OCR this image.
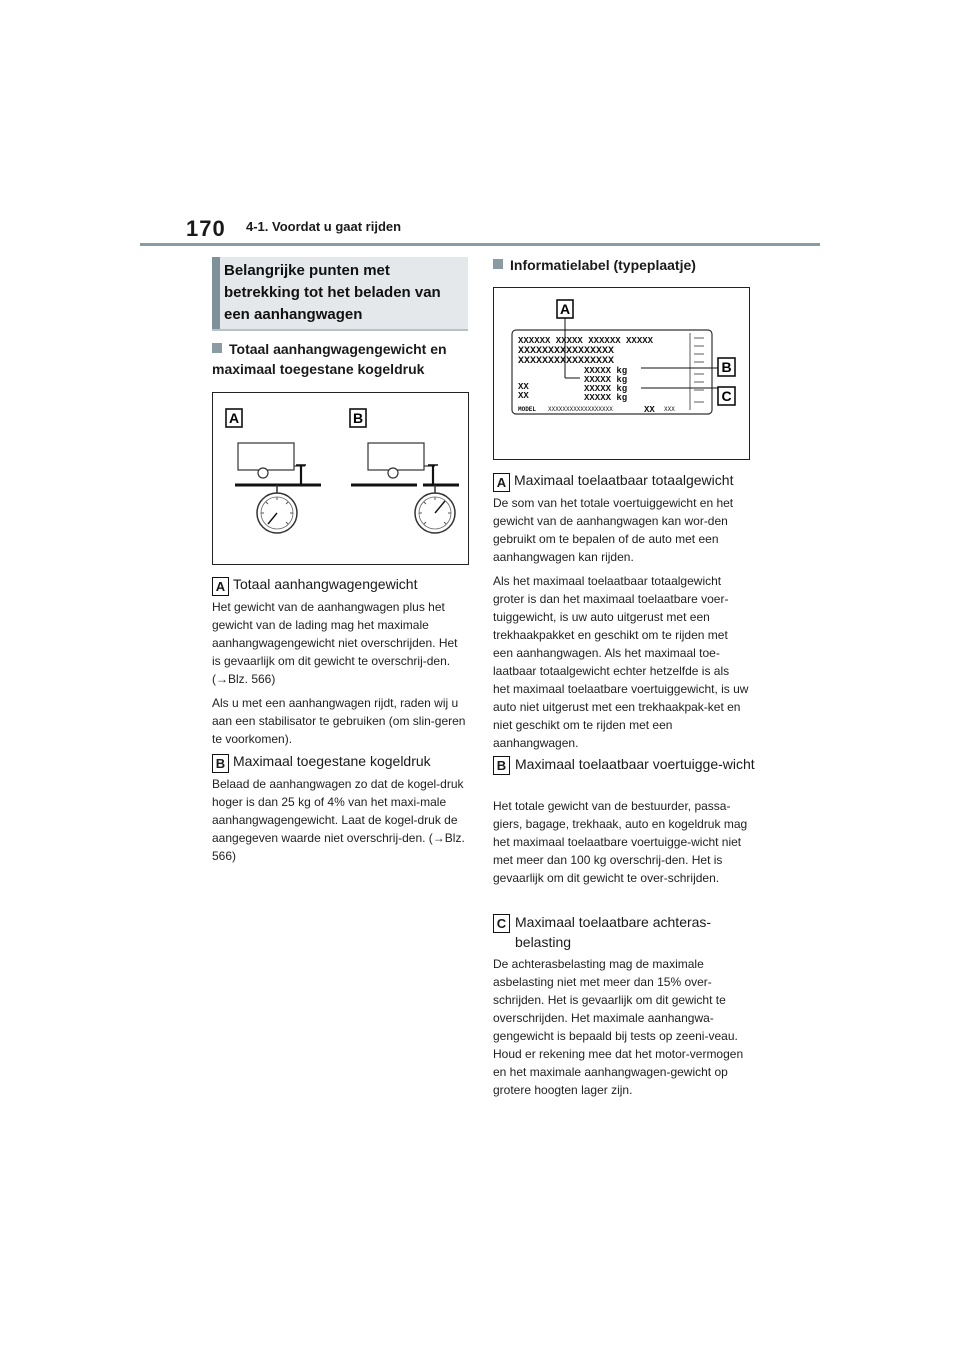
170 4-1. Voordat u gaat rijden
Belangrijke punten met betrekking tot het beladen van een aanhangwagen
Totaal aanhangwagengewicht en maximaal toegestane kogeldruk
A	B
A Totaal aanhangwagengewicht

Het gewicht van de aanhangwagen plus het gewicht van de lading mag het maximale aanhangwagengewicht niet overschrijden. Het is gevaarlijk om dit gewicht te overschrij-den. (→Blz. 566)

Als u met een aanhangwagen rijdt, raden wij u aan een stabilisator te gebruiken (om slin-geren te voorkomen).

B Maximaal toegestane kogeldruk

Belaad de aanhangwagen zo dat de kogel-druk hoger is dan 25 kg of 4% van het maxi-male aanhangwagengewicht. Laat de kogel-druk de aangegeven waarde niet overschrij-den. (→Blz. 566)

Informatielabel (typeplaatje)
XXXXXX XXXXX XXXXXX XXXXX
XXXXXXXXXXXXXXXX
XXXXXXXXXXXXXXXX
XXXXX kg
XXXXX kg
XXXXX kg
XXXXX kg
XX
XX
MODEL XXXXXXXXXXXXXXXXXX	XX XXX
A
B
C
A Maximaal toelaatbaar totaalgewicht

De som van het totale voertuiggewicht en het gewicht van de aanhangwagen kan wor-den gebruikt om te bepalen of de auto met een aanhangwagen kan rijden.

Als het maximaal toelaatbaar totaalgewicht groter is dan het maximaal toelaatbare voer-tuiggewicht, is uw auto uitgerust met een trekhaakpakket en geschikt om te rijden met een aanhangwagen. Als het maximaal toe-laatbaar totaalgewicht echter hetzelfde is als het maximaal toelaatbare voertuiggewicht, is uw auto niet uitgerust met een trekhaakpak-ket en niet geschikt om te rijden met een aanhangwagen.

B Maximaal toelaatbaar voertuigge-wicht

Het totale gewicht van de bestuurder, passa-giers, bagage, trekhaak, auto en kogeldruk mag het maximaal toelaatbare voertuigge-wicht niet met meer dan 100 kg overschrij-den. Het is gevaarlijk om dit gewicht te over-schrijden.

C Maximaal toelaatbare achteras-belasting

De achterasbelasting mag de maximale asbelasting niet met meer dan 15% over-schrijden. Het is gevaarlijk om dit gewicht te overschrijden. Het maximale aanhangwa-gengewicht is bepaald bij tests op zeeni-veau. Houd er rekening mee dat het motor-vermogen en het maximale aanhangwagen-gewicht op grotere hoogten lager zijn.
